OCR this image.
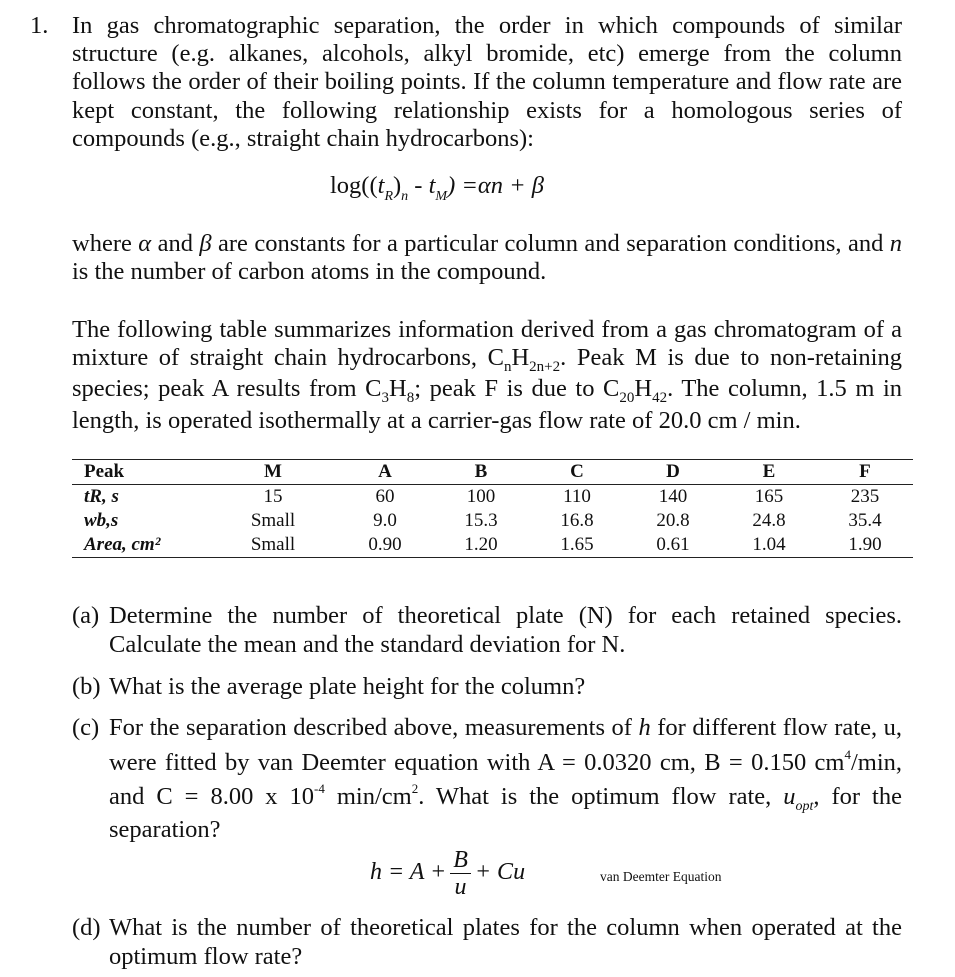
1. In gas chromatographic separation, the order in which compounds of similar structure (e.g. alkanes, alcohols, alkyl bromide, etc) emerge from the column follows the order of their boiling points. If the column temperature and flow rate are kept constant, the following relationship exists for a homologous series of compounds (e.g., straight chain hydrocarbons):
$\log((t_R)_n - t_M) =\alpha n + \beta$
where α and β are constants for a particular column and separation conditions, and n is the number of carbon atoms in the compound.
The following table summarizes information derived from a gas chromatogram of a mixture of straight chain hydrocarbons, $C_nH_{2n+2}$. Peak M is due to non-retaining species; peak A results from $C_3H_8$; peak F is due to $C_{20}H_{42}$. The column, 1.5 m in length, is operated isothermally at a carrier-gas flow rate of 20.0 cm / min.
Peak	M	A	B	C	D	E	F
tR, s	15	60	100	110	140	165	235
wb,s	Small	9.0	15.3	16.8	20.8	24.8	35.4
Area, cm²	Small	0.90	1.20	1.65	0.61	1.04	1.90
(a) Determine the number of theoretical plate (N) for each retained species. Calculate the mean and the standard deviation for N.
(b) What is the average plate height for the column?
(c) For the separation described above, measurements of h for different flow rate, u, were fitted by van Deemter equation with A = 0.0320 cm, B = 0.150 $cm^4/\min$, and C = 8.00 x $10^{-4}$ $\min/cm^2$. What is the optimum flow rate, $u_{opt}$, for the separation?
$h = A + \frac{B}{u} + Cu$	van Deemter Equation
(d) What is the number of theoretical plates for the column when operated at the optimum flow rate?
